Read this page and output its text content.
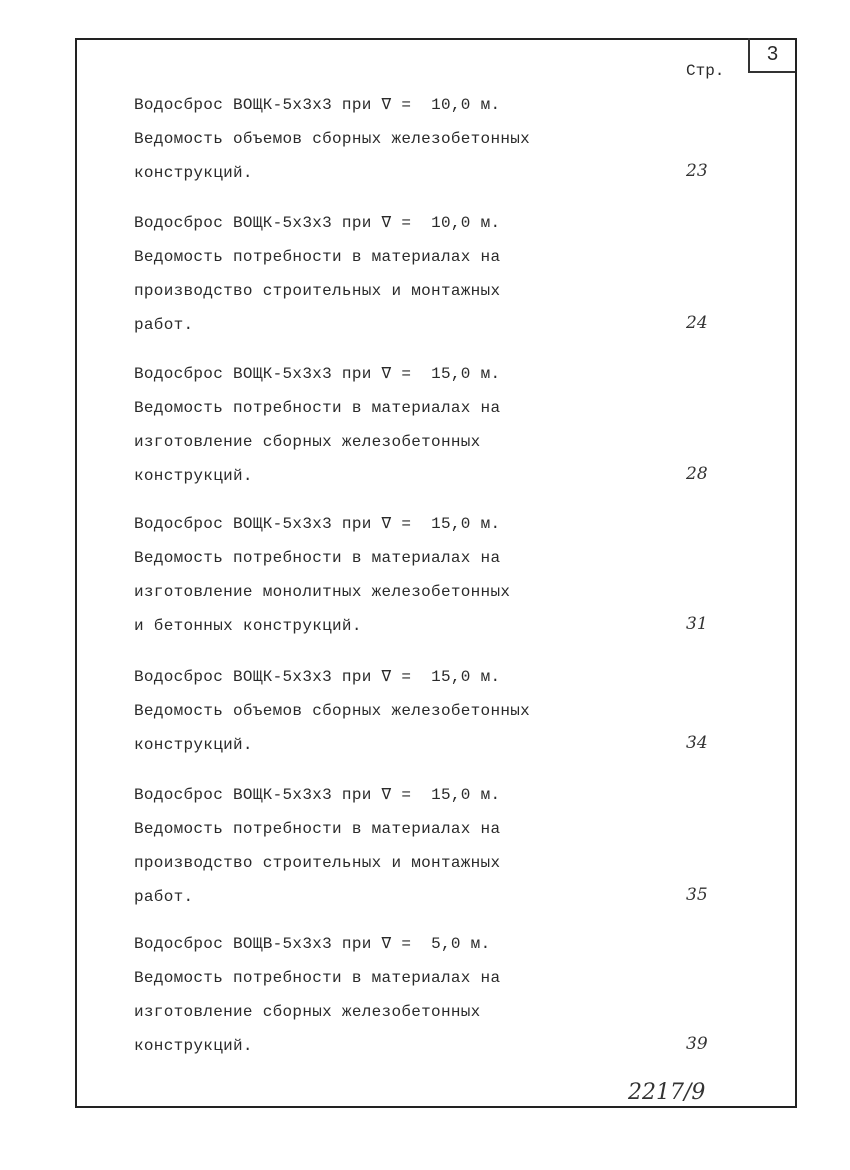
3
Стр.
Водосброс ВОЩК-5х3х3 при ∇ =  10,0 м.
Ведомость объемов сборных железобетонных
конструкций.	23
Водосброс ВОЩК-5х3х3 при ∇ =  10,0 м.
Ведомость потребности в материалах на
производство строительных и монтажных
работ.	24
Водосброс ВОЩК-5х3х3 при ∇ =  15,0 м.
Ведомость потребности в материалах на
изготовление сборных железобетонных
конструкций.	28
Водосброс ВОЩК-5х3х3 при ∇ =  15,0 м.
Ведомость потребности в материалах на
изготовление монолитных железобетонных
и бетонных конструкций.	31
Водосброс ВОЩК-5х3х3 при ∇ =  15,0 м.
Ведомость объемов сборных железобетонных
конструкций.	34
Водосброс ВОЩК-5х3х3 при ∇ =  15,0 м.
Ведомость потребности в материалах на
производство строительных и монтажных
работ.	35
Водосброс ВОЩВ-5х3х3 при ∇ =  5,0 м.
Ведомость потребности в материалах на
изготовление сборных железобетонных
конструкций.	39
2217/9
